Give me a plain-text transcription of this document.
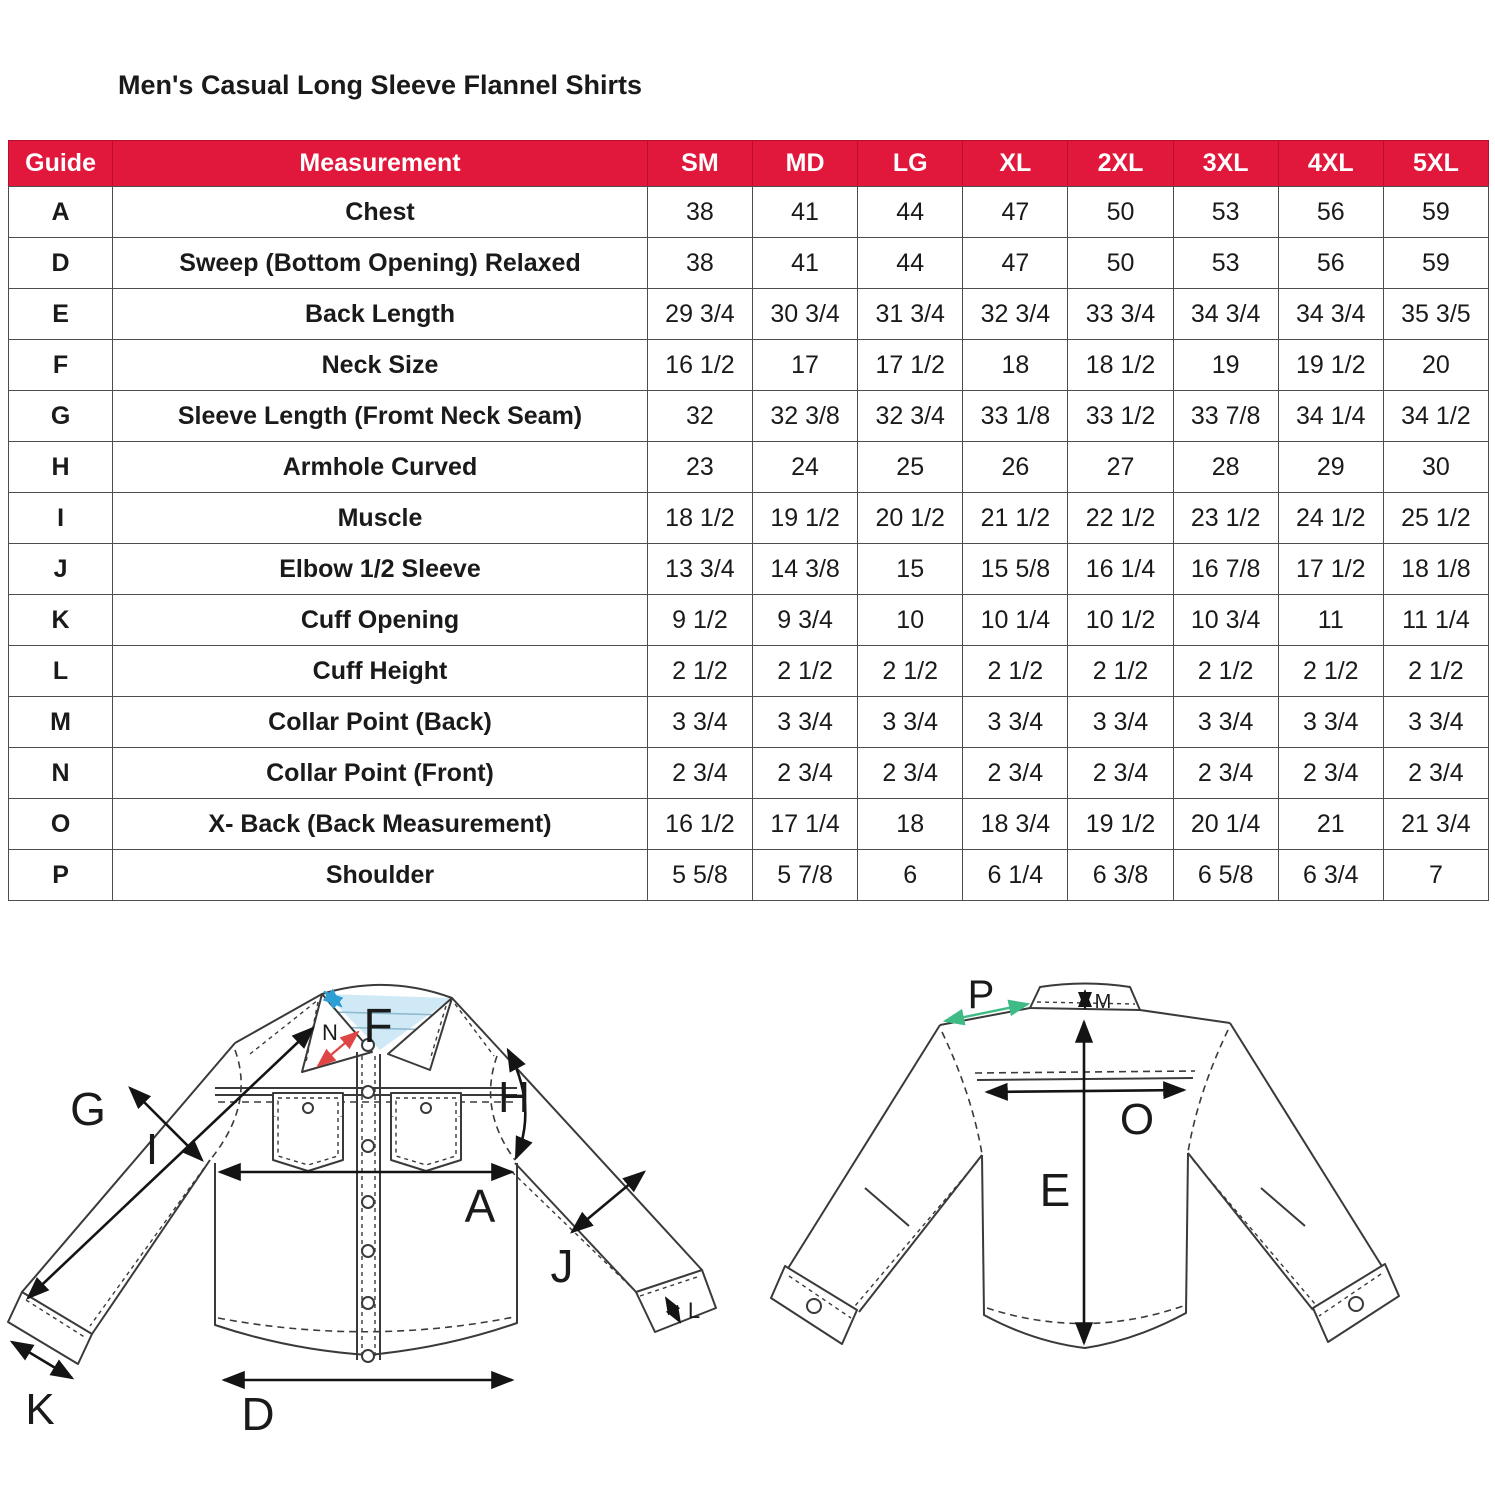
Men's Casual Long Sleeve Flannel Shirts
Guide	Measurement	SM	MD	LG	XL	2XL	3XL	4XL	5XL
A	Chest	38	41	44	47	50	53	56	59
D	Sweep (Bottom Opening) Relaxed	38	41	44	47	50	53	56	59
E	Back Length	29 3/4	30 3/4	31 3/4	32 3/4	33 3/4	34 3/4	34 3/4	35 3/5
F	Neck Size	16 1/2	17	17 1/2	18	18 1/2	19	19 1/2	20
G	Sleeve Length (Fromt Neck Seam)	32	32 3/8	32 3/4	33 1/8	33 1/2	33 7/8	34 1/4	34 1/2
H	Armhole Curved	23	24	25	26	27	28	29	30
I	Muscle	18 1/2	19 1/2	20 1/2	21 1/2	22 1/2	23 1/2	24 1/2	25 1/2
J	Elbow 1/2 Sleeve	13 3/4	14 3/8	15	15 5/8	16 1/4	16 7/8	17 1/2	18 1/8
K	Cuff Opening	9 1/2	9 3/4	10	10 1/4	10 1/2	10 3/4	11	11 1/4
L	Cuff Height	2 1/2	2 1/2	2 1/2	2 1/2	2 1/2	2 1/2	2 1/2	2 1/2
M	Collar Point (Back)	3 3/4	3 3/4	3 3/4	3 3/4	3 3/4	3 3/4	3 3/4	3 3/4
N	Collar Point (Front)	2 3/4	2 3/4	2 3/4	2 3/4	2 3/4	2 3/4	2 3/4	2 3/4
O	X- Back (Back Measurement)	16 1/2	17 1/4	18	18 3/4	19 1/2	20 1/4	21	21 3/4
P	Shoulder	5 5/8	5 7/8	6	6 1/4	6 3/8	6 5/8	6 3/4	7
G
I
F
N
H
A
J
K
L
D
P	M
O
E
